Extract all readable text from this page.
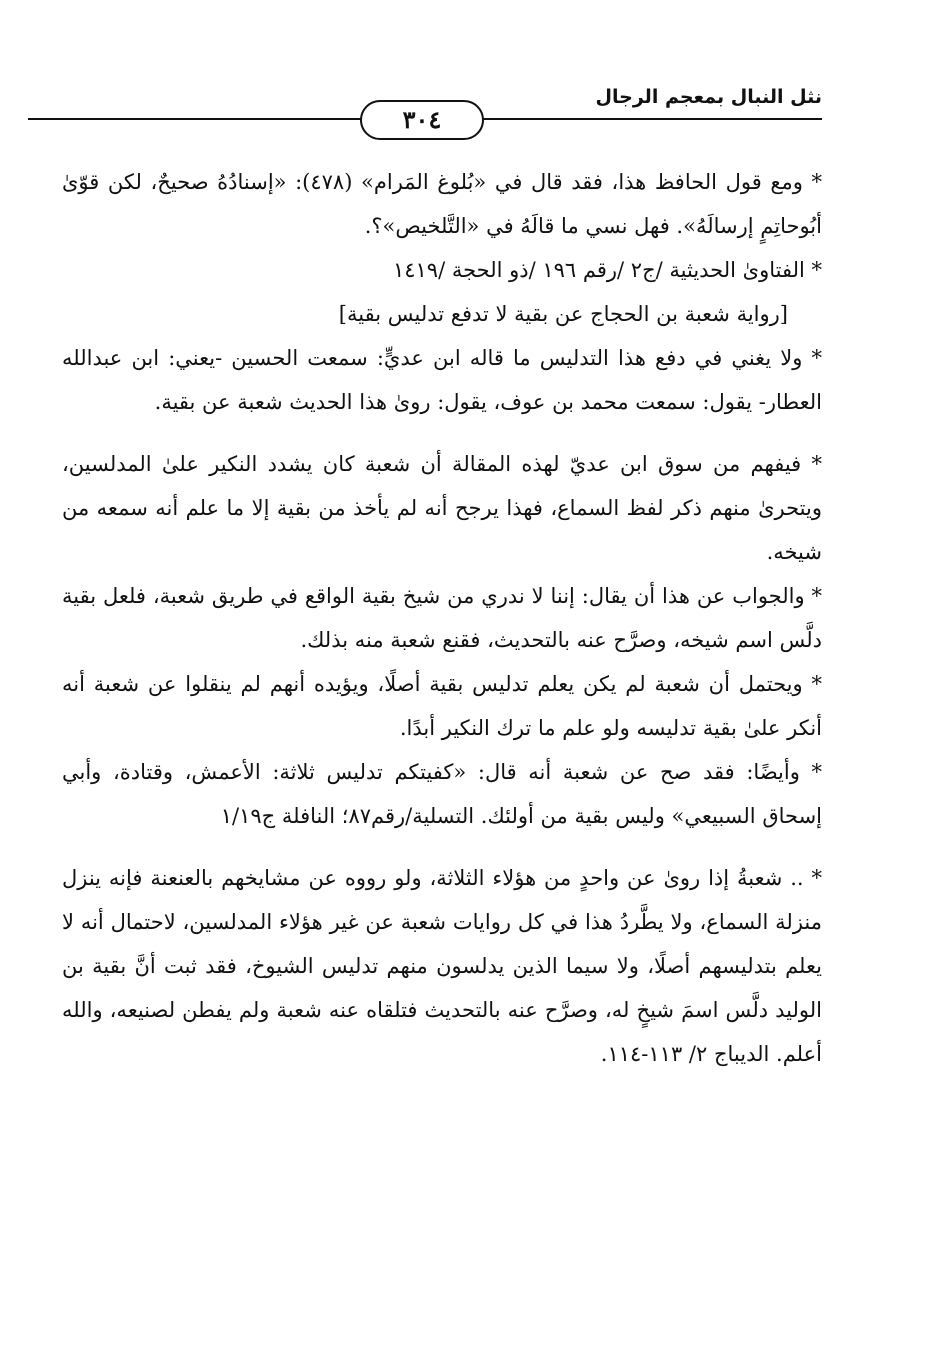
نثل النبال بمعجم الرجال
٣٠٤

* ومع قول الحافظ هذا، فقد قال في «بُلوغ المَرام» (٤٧٨): «إسنادُهُ صحيحٌ، لكن قوّىٰ أبُوحاتِمٍ إرسالَهُ». فهل نسي ما قالَهُ في «التَّلخيص»؟.

* الفتاوىٰ الحديثية /ج٢ /رقم ١٩٦ /ذو الحجة /١٤١٩

[رواية شعبة بن الحجاج عن بقية لا تدفع تدليس بقية]

* ولا يغني في دفع هذا التدليس ما قاله ابن عديٍّ: سمعت الحسين -يعني: ابن عبدالله العطار- يقول: سمعت محمد بن عوف، يقول: روىٰ هذا الحديث شعبة عن بقية.

* فيفهم من سوق ابن عديّ لهذه المقالة أن شعبة كان يشدد النكير علىٰ المدلسين، ويتحرىٰ منهم ذكر لفظ السماع، فهذا يرجح أنه لم يأخذ من بقية إلا ما علم أنه سمعه من شيخه.

* والجواب عن هذا أن يقال: إننا لا ندري من شيخ بقية الواقع في طريق شعبة، فلعل بقية دلَّس اسم شيخه، وصرَّح عنه بالتحديث، فقنع شعبة منه بذلك.

* ويحتمل أن شعبة لم يكن يعلم تدليس بقية أصلًا، ويؤيده أنهم لم ينقلوا عن شعبة أنه أنكر علىٰ بقية تدليسه ولو علم ما ترك النكير أبدًا.

* وأيضًا: فقد صح عن شعبة أنه قال: «كفيتكم تدليس ثلاثة: الأعمش، وقتادة، وأبي إسحاق السبيعي» وليس بقية من أولئك. التسلية/رقم٨٧؛ النافلة ج١/١٩

* .. شعبةُ إذا روىٰ عن واحدٍ من هؤلاء الثلاثة، ولو رووه عن مشايخهم بالعنعنة فإنه ينزل منزلة السماع، ولا يطَّردُ هذا في كل روايات شعبة عن غير هؤلاء المدلسين، لاحتمال أنه لا يعلم بتدليسهم أصلًا، ولا سيما الذين يدلسون منهم تدليس الشيوخ، فقد ثبت أنَّ بقية بن الوليد دلَّس اسمَ شيخٍ له، وصرَّح عنه بالتحديث فتلقاه عنه شعبة ولم يفطن لصنيعه، والله أعلم. الديباج ٢/ ١١٣-١١٤.
